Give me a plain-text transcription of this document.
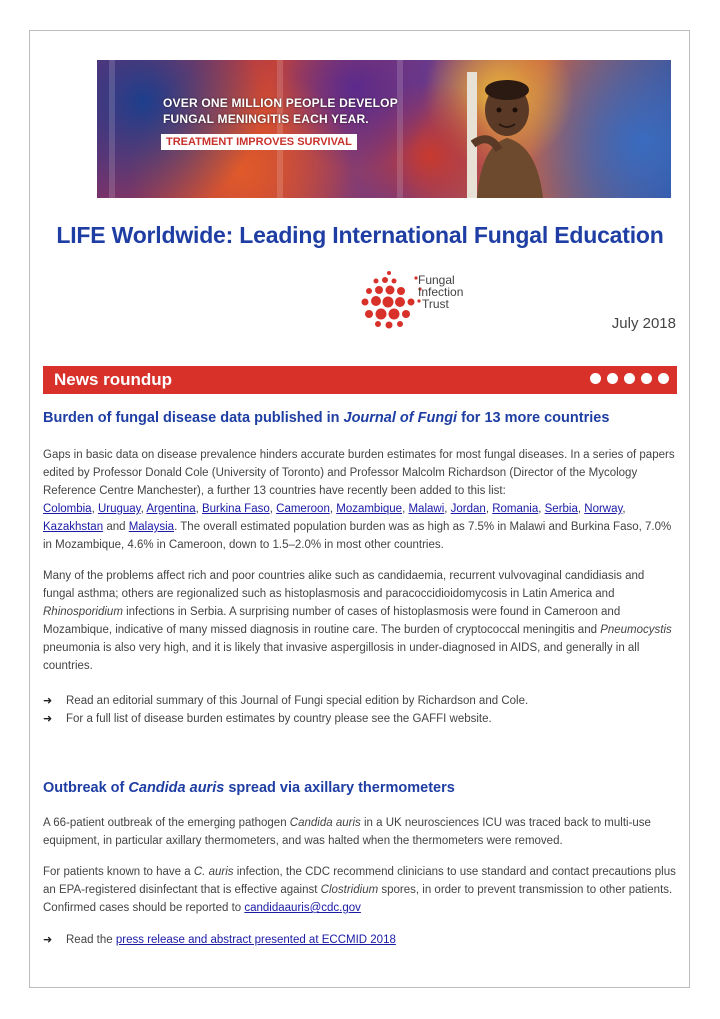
OVER ONE MILLION PEOPLE DEVELOP
FUNGAL MENINGITIS EACH YEAR.
TREATMENT IMPROVES SURVIVAL
LIFE Worldwide: Leading International Fungal Education
Fungal
Infection
Trust
July 2018
News roundup
Burden of fungal disease data published in Journal of Fungi for 13 more countries
Gaps in basic data on disease prevalence hinders accurate burden estimates for most fungal diseases. In a series of papers edited by Professor Donald Cole (University of Toronto) and Professor Malcolm Richardson (Director of the Mycology Reference Centre Manchester), a further 13 countries have recently been added to this list:
Colombia, Uruguay, Argentina, Burkina Faso, Cameroon, Mozambique, Malawi, Jordan, Romania, Serbia, Norway, Kazakhstan and Malaysia. The overall estimated population burden was as high as 7.5% in Malawi and Burkina Faso, 7.0% in Mozambique, 4.6% in Cameroon, down to 1.5–2.0% in most other countries.
Many of the problems affect rich and poor countries alike such as candidaemia, recurrent vulvovaginal candidiasis and fungal asthma; others are regionalized such as histoplasmosis and paracoccidioidomycosis in Latin America and Rhinosporidium infections in Serbia. A surprising number of cases of histoplasmosis were found in Cameroon and Mozambique, indicative of many missed diagnosis in routine care. The burden of cryptococcal meningitis and Pneumocystis pneumonia is also very high, and it is likely that invasive aspergillosis in under-diagnosed in AIDS, and generally in all countries.
➜ Read an editorial summary of this Journal of Fungi special edition by Richardson and Cole.
➜ For a full list of disease burden estimates by country please see the GAFFI website.
Outbreak of Candida auris spread via axillary thermometers
A 66-patient outbreak of the emerging pathogen Candida auris in a UK neurosciences ICU was traced back to multi-use equipment, in particular axillary thermometers, and was halted when the thermometers were removed.
For patients known to have a C. auris infection, the CDC recommend clinicians to use standard and contact precautions plus an EPA-registered disinfectant that is effective against Clostridium spores, in order to prevent transmission to other patients. Confirmed cases should be reported to candidaauris@cdc.gov
➜ Read the press release and abstract presented at ECCMID 2018
